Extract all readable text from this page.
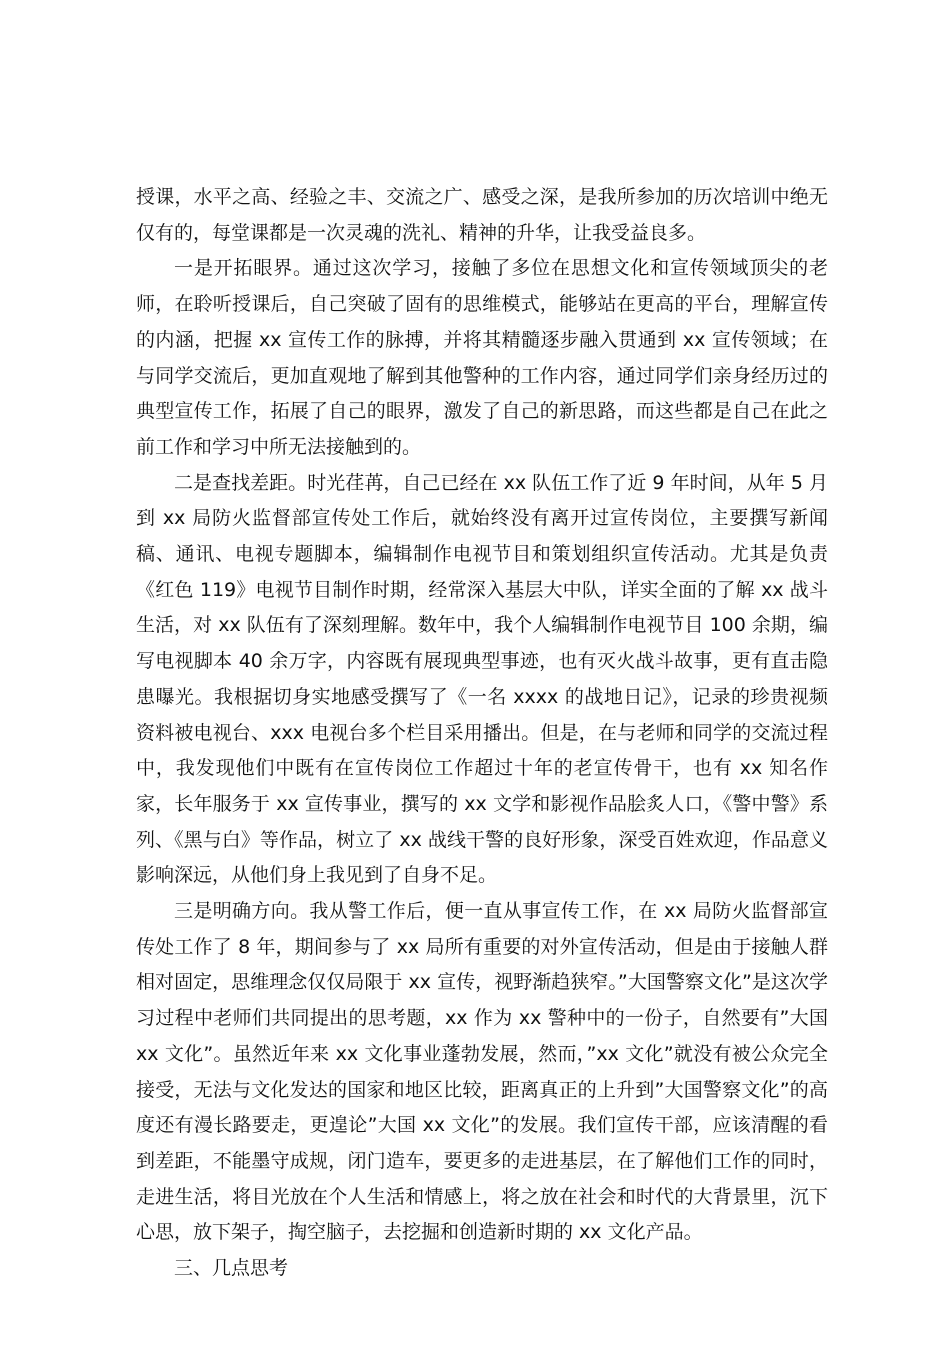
授课，水平之高、经验之丰、交流之广、感受之深，是我所参加的历次培训中绝无仅有的，每堂课都是一次灵魂的洗礼、精神的升华，让我受益良多。

一是开拓眼界。通过这次学习，接触了多位在思想文化和宣传领域顶尖的老师，在聆听授课后，自己突破了固有的思维模式，能够站在更高的平台，理解宣传的内涵，把握 xx 宣传工作的脉搏，并将其精髓逐步融入贯通到 xx 宣传领域；在与同学交流后，更加直观地了解到其他警种的工作内容，通过同学们亲身经历过的典型宣传工作，拓展了自己的眼界，激发了自己的新思路，而这些都是自己在此之前工作和学习中所无法接触到的。

二是查找差距。时光荏苒，自己已经在 xx 队伍工作了近 9 年时间，从年 5 月到 xx 局防火监督部宣传处工作后，就始终没有离开过宣传岗位，主要撰写新闻稿、通讯、电视专题脚本，编辑制作电视节目和策划组织宣传活动。尤其是负责《红色 119》电视节目制作时期，经常深入基层大中队，详实全面的了解 xx 战斗生活，对 xx 队伍有了深刻理解。数年中，我个人编辑制作电视节目 100 余期，编写电视脚本 40 余万字，内容既有展现典型事迹，也有灭火战斗故事，更有直击隐患曝光。我根据切身实地感受撰写了《一名 xxxx 的战地日记》，记录的珍贵视频资料被电视台、xxx 电视台多个栏目采用播出。但是，在与老师和同学的交流过程中，我发现他们中既有在宣传岗位工作超过十年的老宣传骨干，也有 xx 知名作家，长年服务于 xx 宣传事业，撰写的 xx 文学和影视作品脍炙人口，《警中警》系列、《黑与白》等作品，树立了 xx 战线干警的良好形象，深受百姓欢迎，作品意义影响深远，从他们身上我见到了自身不足。

三是明确方向。我从警工作后，便一直从事宣传工作，在 xx 局防火监督部宣传处工作了 8 年，期间参与了 xx 局所有重要的对外宣传活动，但是由于接触人群相对固定，思维理念仅仅局限于 xx 宣传，视野渐趋狭窄。”大国警察文化”是这次学习过程中老师们共同提出的思考题，xx 作为 xx 警种中的一份子，自然要有”大国 xx 文化”。虽然近年来 xx 文化事业蓬勃发展，然而，”xx 文化”就没有被公众完全接受，无法与文化发达的国家和地区比较，距离真正的上升到”大国警察文化”的高度还有漫长路要走，更遑论”大国 xx 文化”的发展。我们宣传干部，应该清醒的看到差距，不能墨守成规，闭门造车，要更多的走进基层，在了解他们工作的同时，走进生活，将目光放在个人生活和情感上，将之放在社会和时代的大背景里，沉下心思，放下架子，掏空脑子，去挖掘和创造新时期的 xx 文化产品。

三、几点思考
